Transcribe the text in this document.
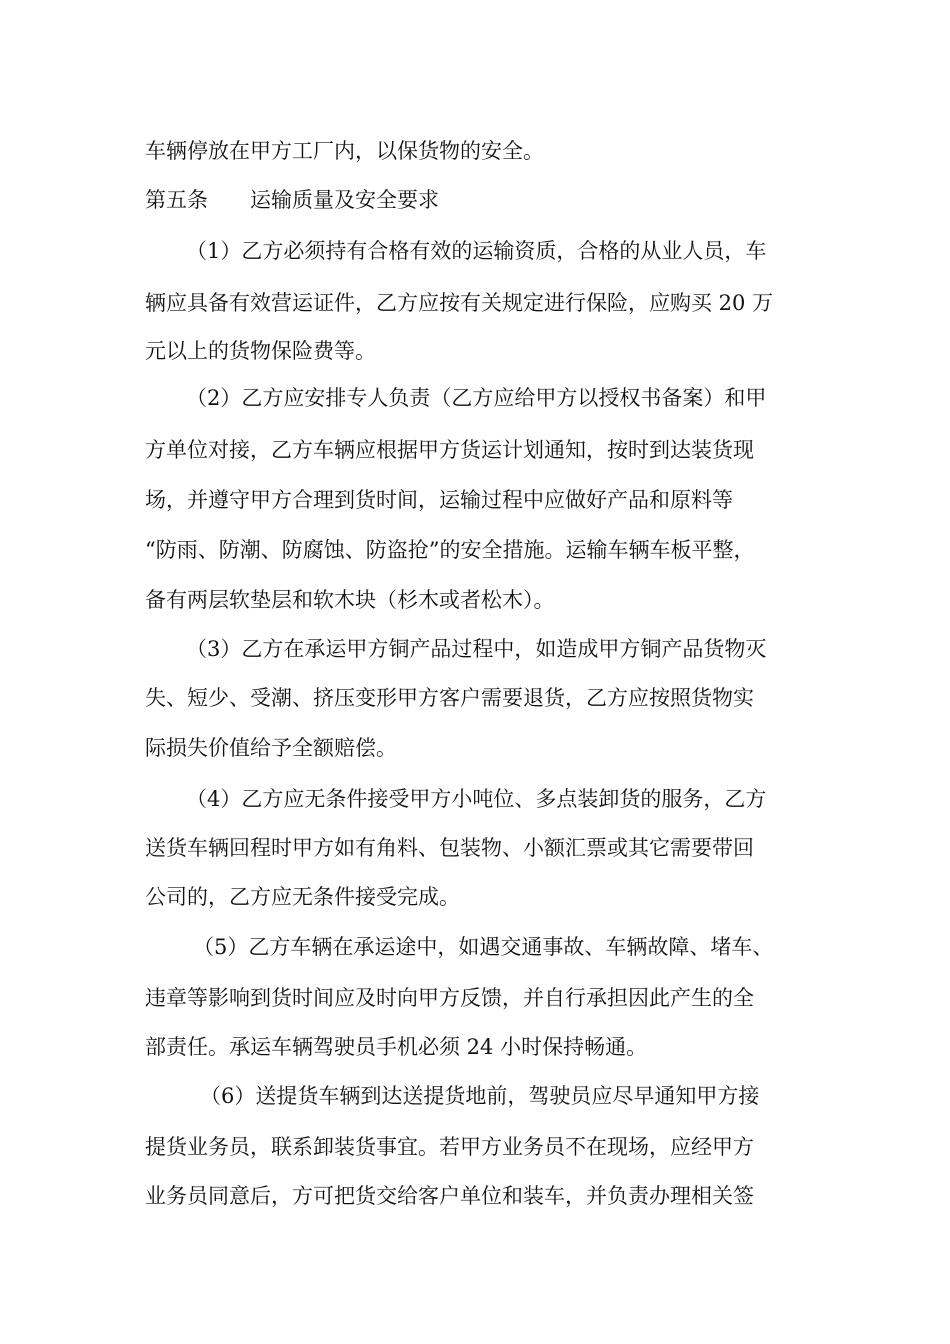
车辆停放在甲方工厂内，以保货物的安全。
第五条　　运输质量及安全要求
（1）乙方必须持有合格有效的运输资质，合格的从业人员，车
辆应具备有效营运证件，乙方应按有关规定进行保险，应购买 20 万
元以上的货物保险费等。
（2）乙方应安排专人负责（乙方应给甲方以授权书备案）和甲
方单位对接，乙方车辆应根据甲方货运计划通知，按时到达装货现
场，并遵守甲方合理到货时间，运输过程中应做好产品和原料等
“防雨、防潮、防腐蚀、防盗抢”的安全措施。运输车辆车板平整，
备有两层软垫层和软木块（杉木或者松木）。
（3）乙方在承运甲方铜产品过程中，如造成甲方铜产品货物灭
失、短少、受潮、挤压变形甲方客户需要退货，乙方应按照货物实
际损失价值给予全额赔偿。
（4）乙方应无条件接受甲方小吨位、多点装卸货的服务，乙方
送货车辆回程时甲方如有角料、包装物、小额汇票或其它需要带回
公司的，乙方应无条件接受完成。
（5）乙方车辆在承运途中，如遇交通事故、车辆故障、堵车、
违章等影响到货时间应及时向甲方反馈，并自行承担因此产生的全
部责任。承运车辆驾驶员手机必须 24 小时保持畅通。
（6）送提货车辆到达送提货地前，驾驶员应尽早通知甲方接
提货业务员，联系卸装货事宜。若甲方业务员不在现场，应经甲方
业务员同意后，方可把货交给客户单位和装车，并负责办理相关签
